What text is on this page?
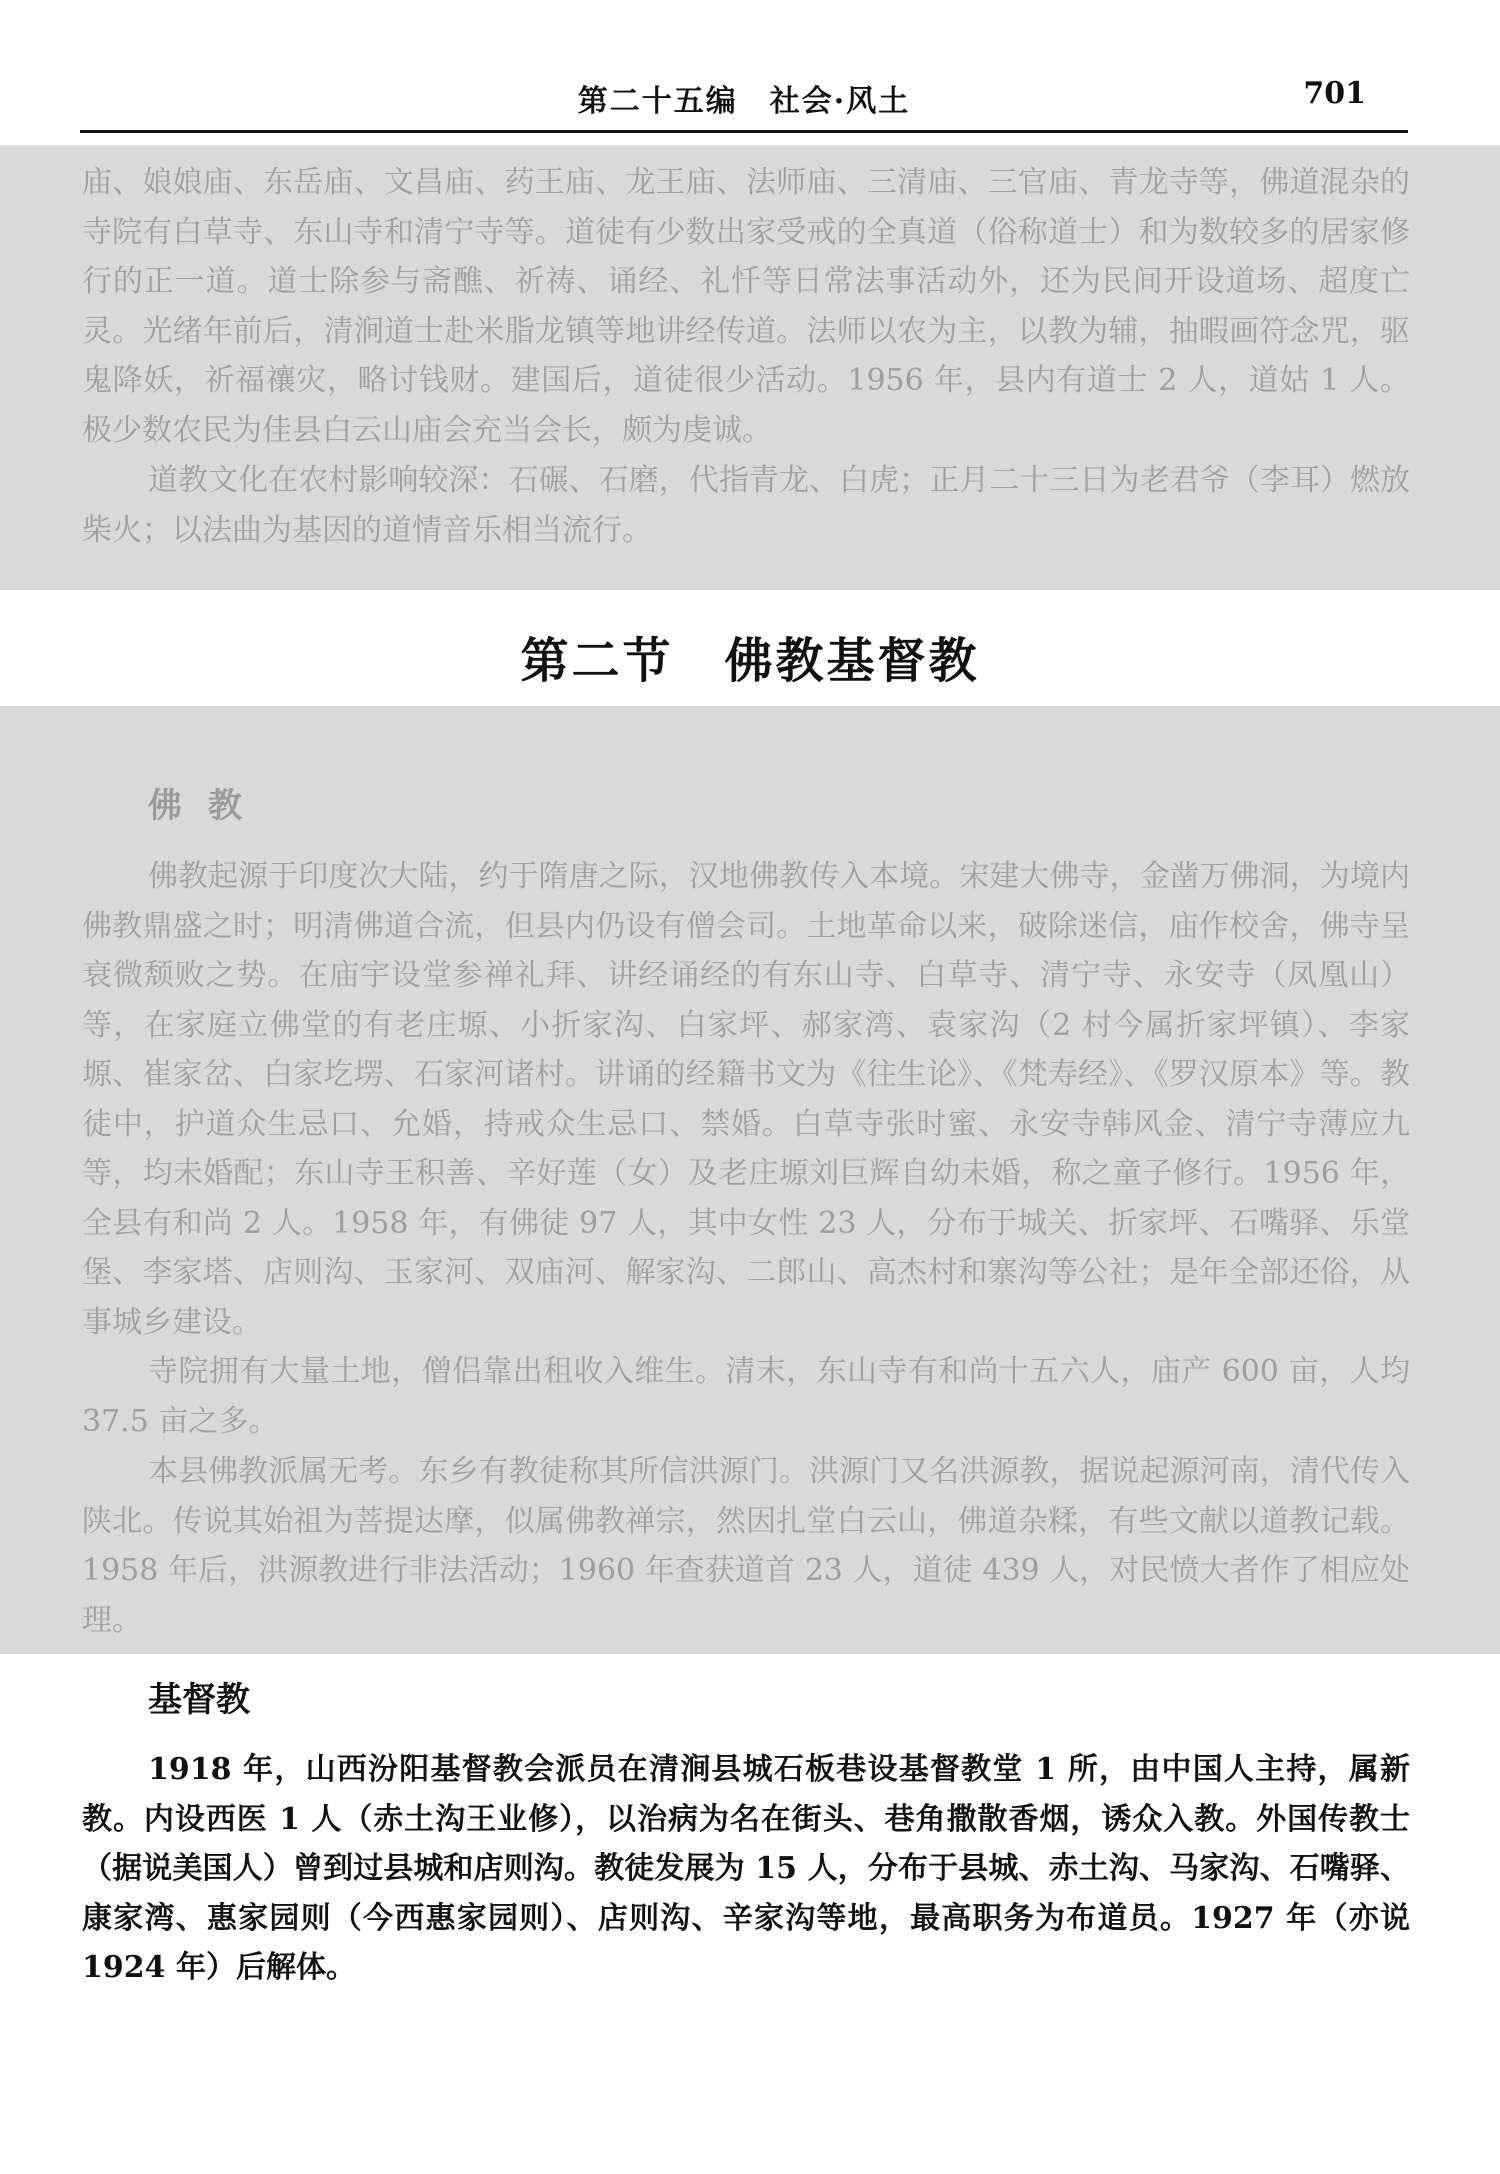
第二十五编　社会·风土	701

庙、娘娘庙、东岳庙、文昌庙、药王庙、龙王庙、法师庙、三清庙、三官庙、青龙寺等，佛道混杂的寺院有白草寺、东山寺和清宁寺等。道徒有少数出家受戒的全真道（俗称道士）和为数较多的居家修行的正一道。道士除参与斋醮、祈祷、诵经、礼忏等日常法事活动外，还为民间开设道场、超度亡灵。光绪年前后，清涧道士赴米脂龙镇等地讲经传道。法师以农为主，以教为辅，抽暇画符念咒，驱鬼降妖，祈福禳灾，略讨钱财。建国后，道徒很少活动。1956 年，县内有道士 2 人，道姑 1 人。极少数农民为佳县白云山庙会充当会长，颇为虔诚。

道教文化在农村影响较深：石碾、石磨，代指青龙、白虎；正月二十三日为老君爷（李耳）燃放柴火；以法曲为基因的道情音乐相当流行。

第二节　佛教基督教
佛教

佛教起源于印度次大陆，约于隋唐之际，汉地佛教传入本境。宋建大佛寺，金凿万佛洞，为境内佛教鼎盛之时；明清佛道合流，但县内仍设有僧会司。土地革命以来，破除迷信，庙作校舍，佛寺呈衰微颓败之势。在庙宇设堂参禅礼拜、讲经诵经的有东山寺、白草寺、清宁寺、永安寺（凤凰山）等，在家庭立佛堂的有老庄塬、小折家沟、白家坪、郝家湾、袁家沟（2 村今属折家坪镇）、李家塬、崔家岔、白家圪塄、石家河诸村。讲诵的经籍书文为《往生论》、《梵寿经》、《罗汉原本》等。教徒中，护道众生忌口、允婚，持戒众生忌口、禁婚。白草寺张时蜜、永安寺韩风金、清宁寺薄应九等，均未婚配；东山寺王积善、辛好莲（女）及老庄塬刘巨辉自幼未婚，称之童子修行。1956 年，全县有和尚 2 人。1958 年，有佛徒 97 人，其中女性 23 人，分布于城关、折家坪、石嘴驿、乐堂堡、李家塔、店则沟、玉家河、双庙河、解家沟、二郎山、高杰村和寨沟等公社；是年全部还俗，从事城乡建设。

寺院拥有大量土地，僧侣靠出租收入维生。清末，东山寺有和尚十五六人，庙产 600 亩，人均 37.5 亩之多。

本县佛教派属无考。东乡有教徒称其所信洪源门。洪源门又名洪源教，据说起源河南，清代传入陕北。传说其始祖为菩提达摩，似属佛教禅宗，然因扎堂白云山，佛道杂糅，有些文献以道教记载。1958 年后，洪源教进行非法活动；1960 年查获道首 23 人，道徒 439 人，对民愤大者作了相应处理。

基督教

1918 年，山西汾阳基督教会派员在清涧县城石板巷设基督教堂 1 所，由中国人主持，属新教。内设西医 1 人（赤土沟王业修），以治病为名在街头、巷角撒散香烟，诱众入教。外国传教士（据说美国人）曾到过县城和店则沟。教徒发展为 15 人，分布于县城、赤土沟、马家沟、石嘴驿、康家湾、惠家园则（今西惠家园则）、店则沟、辛家沟等地，最高职务为布道员。1927 年（亦说 1924 年）后解体。
